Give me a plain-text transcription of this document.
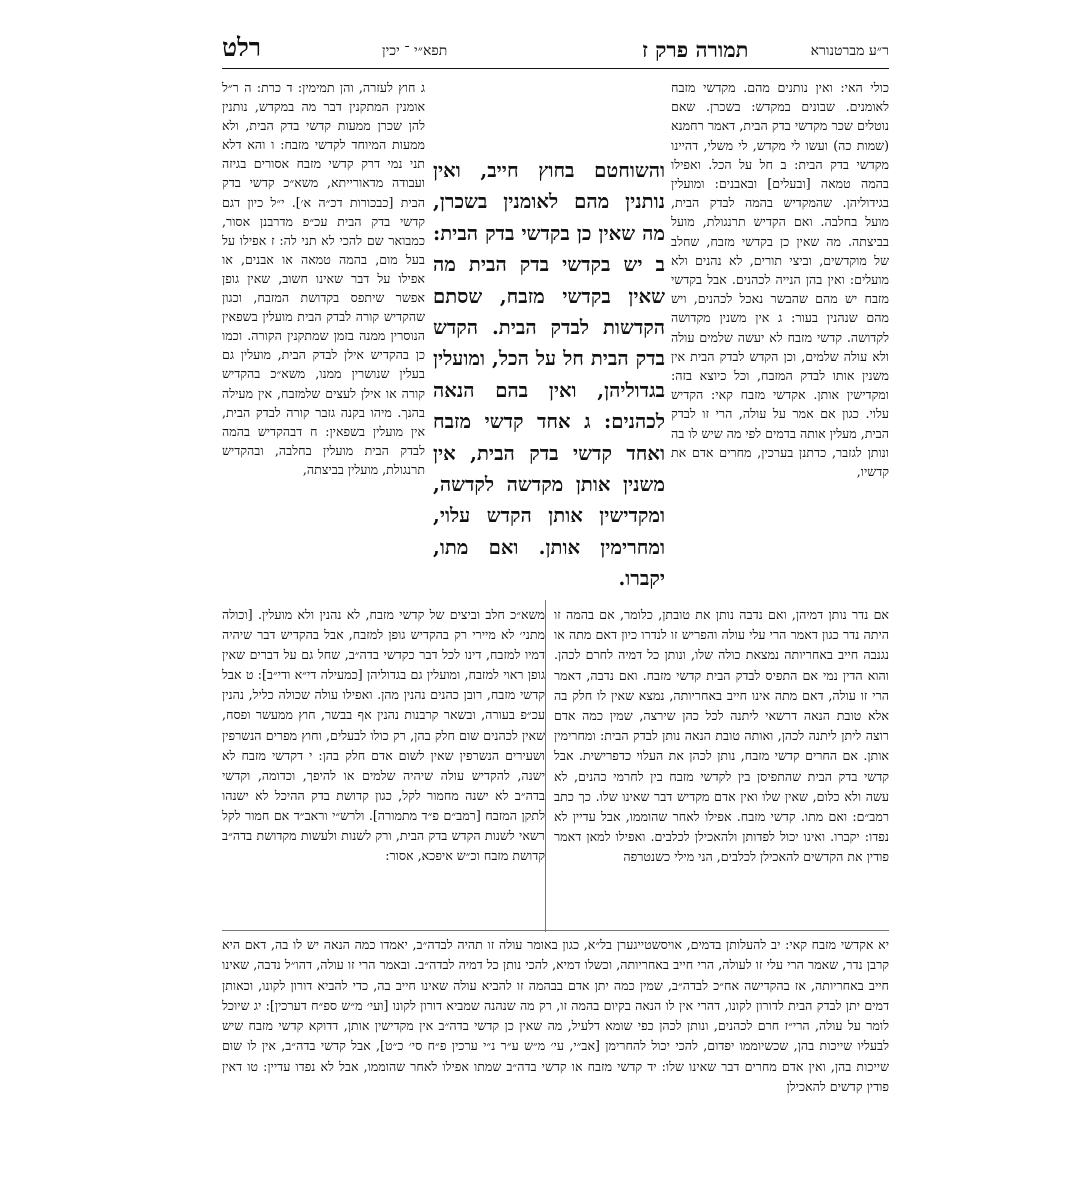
רלט	תפא״י ־ יכין	תמורה פרק ז	ר״ע מברטנורא

כולי האי: ואין נותנים מהם. מקדשי מזבח לאומנים. שבונים במקדש: בשכרן. שאם נוטלים שכר מקדשי בדק הבית, דאמר רחמנא (שמות כה) ועשו לי מקדש, לי משלי, דהיינו מקדשי בדק הבית: ב חל על הכל. ואפילו בהמה טמאה [ובעלים] ובאבנים: ומועלין בגידוליהן. שהמקדיש בהמה לבדק הבית, מועל בחלבה. ואם הקדיש תרנגולת, מועל בביצתה. מה שאין כן בקדשי מזבח, שחלב של מוקדשים, וביצי תורים, לא נהנים ולא מועלים: ואין בהן הנייה לכהנים. אבל בקדשי מזבח יש מהם שהבשר נאכל לכהנים, ויש מהם שנהנין בעור: ג אין משנין מקדושה לקדושה. קדשי מזבח לא יעשה שלמים עולה ולא עולה שלמים, וכן הקדש לבדק הבית אין משנין אותו לבדק המזבח, וכל כיוצא בזה: ומקדישין אותן. אקדשי מזבח קאי: הקדיש עלוי. כגון אם אמר על עולה, הרי זו לבדק הבית, מעלין אותה בדמים לפי מה שיש לו בה ונותן לגזבר, כדתנן בערכין, מחרים אדם את קדשיו,

והשוחטם בחוץ חייב, ואין נותנין מהם לאומנין בשכרן, מה שאין כן בקדשי בדק הבית: ב יש בקדשי בדק הבית מה שאין בקדשי מזבח, שסתם הקדשות לבדק הבית. הקדש בדק הבית חל על הכל, ומועלין בגדוליהן, ואין בהם הנאה לכהנים: ג אחד קדשי מזבח ואחד קדשי בדק הבית, אין משנין אותן מקדשה לקדשה, ומקדישין אותן הקדש עלוי, ומחרימין אותן. ואם מתו, יקברו.

ג חוץ לעזרה, והן תמימין: ד כרת: ה ר״ל אומנין המתקנין דבר מה במקדש, נותנין להן שכרן ממעות קדשי בדק הבית, ולא ממעות המיוחד לקדשי מזבח: ו והא דלא תני נמי דרק קדשי מזבח אסורים בגיזה ועבודה מדאורייתא, משא״כ קדשי בדק הבית [כבכורות דכ״ה א׳]. י״ל כיון דגם קדשי בדק הבית עכ״פ מדרבנן אסור, כמבואר שם להכי לא תני לה: ז אפילו על בעל מום, בהמה טמאה או אבנים, או אפילו על דבר שאינו חשוב, שאין גופן אפשר שיתפס בקדושת המזבח, וכגון שהקדיש קורה לבדק הבית מועלין בשפאין הנוסרין ממנה בזמן שמתקנין הקורה. וכמו כן בהקדיש אילן לבדק הבית, מועלין גם בעלין שנושרין ממנו, משא״כ בהקדיש קורה או אילן לעצים שלמזבח, אין מעילה בהנך. מיהו בקנה גזבר קורה לבדק הבית, אין מועלין בשפאין: ח דבהקדיש בהמה לבדק הבית מועלין בחלבה, ובהקדיש תרנגולת, מועלין בביצתה,

אם נדר נותן דמיהן, ואם נדבה נותן את טובתן, כלומר, אם בהמה זו היתה נדר כגון דאמר הרי עלי עולה והפריש זו לנדרו כיון דאם מתה או נגנבה חייב באחריותה נמצאת כולה שלו, ונותן כל דמיה לחרם לכהן. והוא הדין נמי אם התפיס לבדק הבית קדשי מזבח. ואם נדבה, דאמר הרי זו עולה, דאם מתה אינו חייב באחריותה, נמצא שאין לו חלק בה אלא טובת הנאה דרשאי ליתנה לכל כהן שירצה, שמין כמה אדם רוצה ליתן ליתנה לכהן, ואותה טובת הנאה נותן לבדק הבית: ומחרימין אותן. אם החרים קדשי מזבח, נותן לכהן את העלוי כדפרישית. אבל קדשי בדק הבית שהתפיסן בין לקדשי מזבח בין לחרמי כהנים, לא עשה ולא כלום, שאין שלו ואין אדם מקדיש דבר שאינו שלו. כך כתב רמב״ם: ואם מתו. קדשי מזבח. אפילו לאחר שהוממו, אבל עדיין לא נפדו: יקברו. ואינו יכול לפדותן ולהאכילן לכלבים. ואפילו למאן דאמר פודין את הקדשים להאכילן לכלבים, הני מילי כשנטרפה

משא״כ חלב וביצים של קדשי מזבח, לא נהנין ולא מועלין. [וכולה מתני׳ לא מיירי רק בהקדיש גופן למזבח, אבל בהקדיש דבר שיהיה דמיו למזבח, דינו לכל דבר כקדשי בדה״ב, שחל גם על דברים שאין גופן ראוי למזבח, ומועלין גם בגדוליהן [כמעילה די״א ודי״ב]: ט אבל קדשי מזבח, רובן כהנים נהנין מהן. ואפילו עולה שכולה כליל, נהנין עכ״פ בעורה, ובשאר קרבנות נהנין אף בבשר, חוץ ממעשר ופסח, שאין לכהנים שום חלק בהן, רק כולו לבעלים, וחוץ מפרים הנשרפין ושעירים הנשרפין שאין לשום אדם חלק בהן: י דקדשי מזבח לא ישנה, להקדיש עולה שיהיה שלמים או להיפך, וכדומה, וקדשי בדה״ב לא ישנה מחמור לקל, כגון קדושת בדק ההיכל לא ישנהו לתקן המזבח [רמב״ם פ״ד מתמורה]. ולרש״י וראב״ד אם חמור לקל רשאי לשנות הקדש בדק הבית, ורק לשנות ולעשות מקדושת בדה״ב קדושת מזבח וכ״ש איפכא, אסור:

יא אקדשי מזבח קאי: יב להעלותן בדמים, אויסשטייגערן בל״א, כגון באומר עולה זו תהיה לבדה״ב, יאמדו כמה הנאה יש לו בה, דאם היא קרבן נדר, שאמר הרי עלי זו לעולה, הרי חייב באחריותה, וכשלו דמיא, להכי נותן כל דמיה לבדה״ב. ובאמר הרי זו עולה, דהו״ל נדבה, שאינו חייב באחריותה, אז בהקדישה אח״כ לבדה״ב, שמין כמה יתן אדם בבהמה זו להביא עולה שאינו חייב בה, כדי להביא דורון לקונו, וכאותן דמים יתן לבדק הבית לדורון לקונו, דהרי אין לו הנאה בקיום בהמה זו, רק מה שנהנה שמביא דורון לקונו [ועי׳ מ״ש ספ״ח דערכין]: יג שיוכל לומר על עולה, הרי״ז חרם לכהנים, ונותן לכהן כפי שומא דלעיל, מה שאין כן קדשי בדה״ב אין מקדישין אותן, דדוקא קדשי מזבח שיש לבעליו שייכות בהן, שכשיוממו יפדום, להכי יכול להחרימן [אב״י, עי׳ מ״ש ע״ר נ״י ערכין פ״ח סי׳ כ״ט], אבל קדשי בדה״ב, אין לו שום שייכות בהן, ואין אדם מחרים דבר שאינו שלו: יד קדשי מזבח או קדשי בדה״ב שמתו אפילו לאחר שהוממו, אבל לא נפדו עדיין: טו דאין פודין קדשים להאכילן
